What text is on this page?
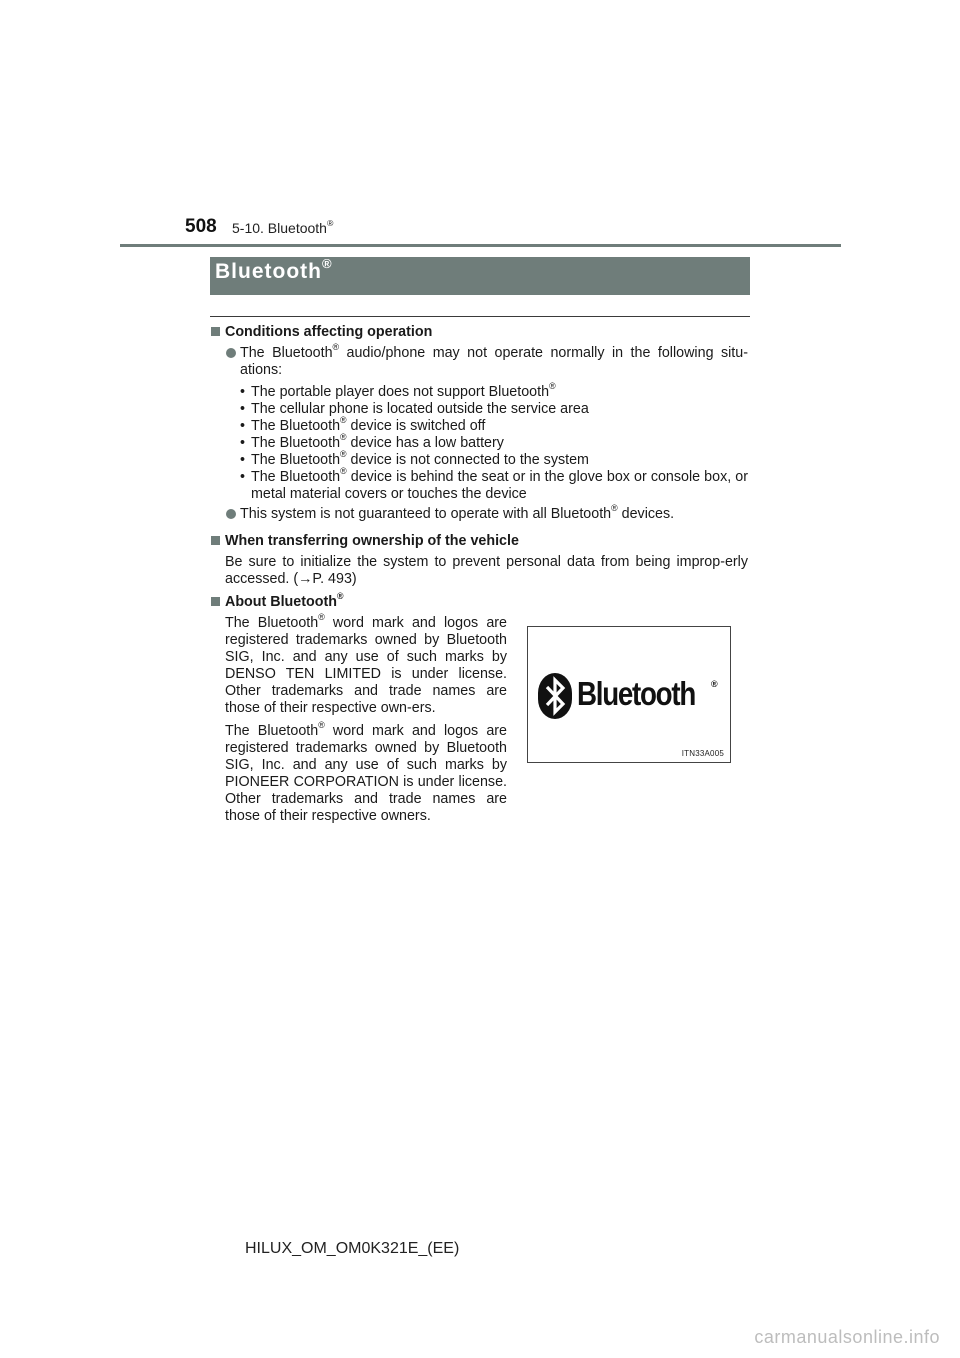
508 5-10. Bluetooth®
Bluetooth®
Conditions affecting operation
The Bluetooth® audio/phone may not operate normally in the following situ-ations:
• The portable player does not support Bluetooth®
• The cellular phone is located outside the service area
• The Bluetooth® device is switched off
• The Bluetooth® device has a low battery
• The Bluetooth® device is not connected to the system
• The Bluetooth® device is behind the seat or in the glove box or console box, or metal material covers or touches the device
This system is not guaranteed to operate with all Bluetooth® devices.
When transferring ownership of the vehicle

Be sure to initialize the system to prevent personal data from being improp-erly accessed. (→P. 493)

About Bluetooth®

The Bluetooth® word mark and logos are registered trademarks owned by Bluetooth SIG, Inc. and any use of such marks by DENSO TEN LIMITED is under license. Other trademarks and trade names are those of their respective own-ers.

The Bluetooth® word mark and logos are registered trademarks owned by Bluetooth SIG, Inc. and any use of such marks by PIONEER CORPORATION is under license. Other trademarks and trade names are those of their respective owners.

Bluetooth ®
ITN33A005
HILUX_OM_OM0K321E_(EE)
carmanualsonline.info
